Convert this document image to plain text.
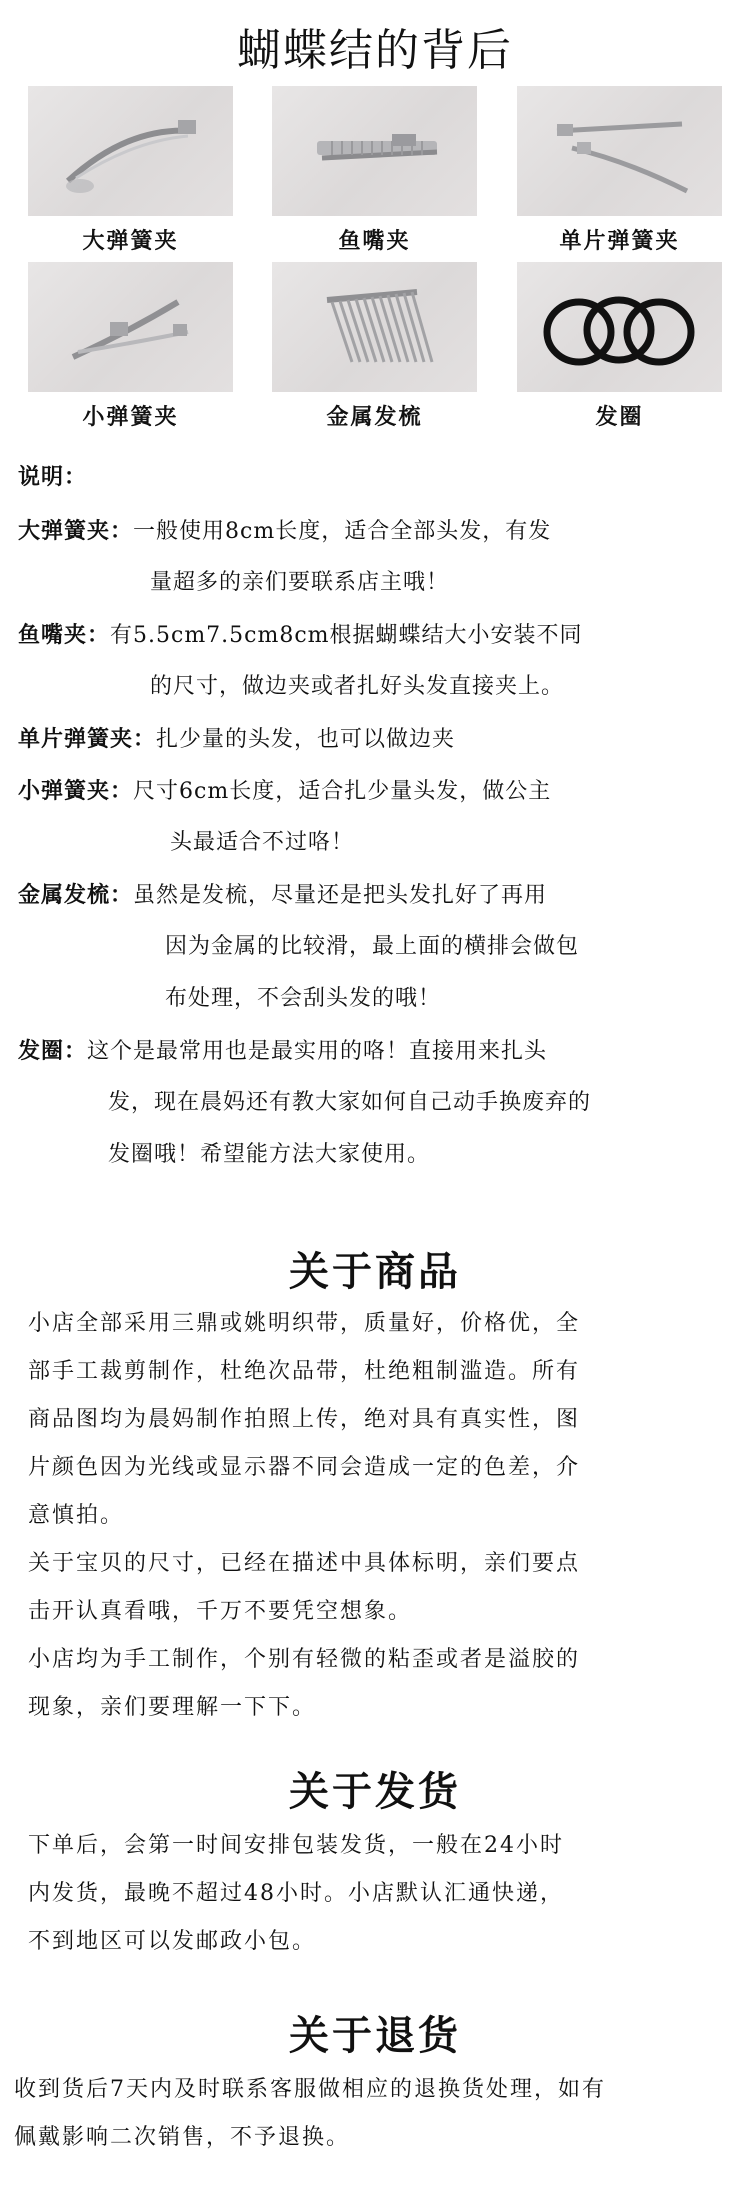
蝴蝶结的背后
大弹簧夹	鱼嘴夹	单片弹簧夹
小弹簧夹	金属发梳	发圈
说明：
大弹簧夹：一般使用8cm长度，适合全部头发，有发
量超多的亲们要联系店主哦！
鱼嘴夹：有5.5cm7.5cm8cm根据蝴蝶结大小安装不同
的尺寸，做边夹或者扎好头发直接夹上。
单片弹簧夹：扎少量的头发，也可以做边夹
小弹簧夹：尺寸6cm长度，适合扎少量头发，做公主
头最适合不过咯！
金属发梳：虽然是发梳，尽量还是把头发扎好了再用
因为金属的比较滑，最上面的横排会做包
布处理，不会刮头发的哦！
发圈：这个是最常用也是最实用的咯！直接用来扎头
发，现在晨妈还有教大家如何自己动手换废弃的
发圈哦！希望能方法大家使用。
关于商品
小店全部采用三鼎或姚明织带，质量好，价格优，全
部手工裁剪制作，杜绝次品带，杜绝粗制滥造。所有
商品图均为晨妈制作拍照上传，绝对具有真实性，图
片颜色因为光线或显示器不同会造成一定的色差，介
意慎拍。
关于宝贝的尺寸，已经在描述中具体标明，亲们要点
击开认真看哦，千万不要凭空想象。
小店均为手工制作，个别有轻微的粘歪或者是溢胶的
现象，亲们要理解一下下。
关于发货
下单后，会第一时间安排包装发货，一般在24小时
内发货，最晚不超过48小时。小店默认汇通快递，
不到地区可以发邮政小包。
关于退货
收到货后7天内及时联系客服做相应的退换货处理，如有
佩戴影响二次销售，不予退换。
